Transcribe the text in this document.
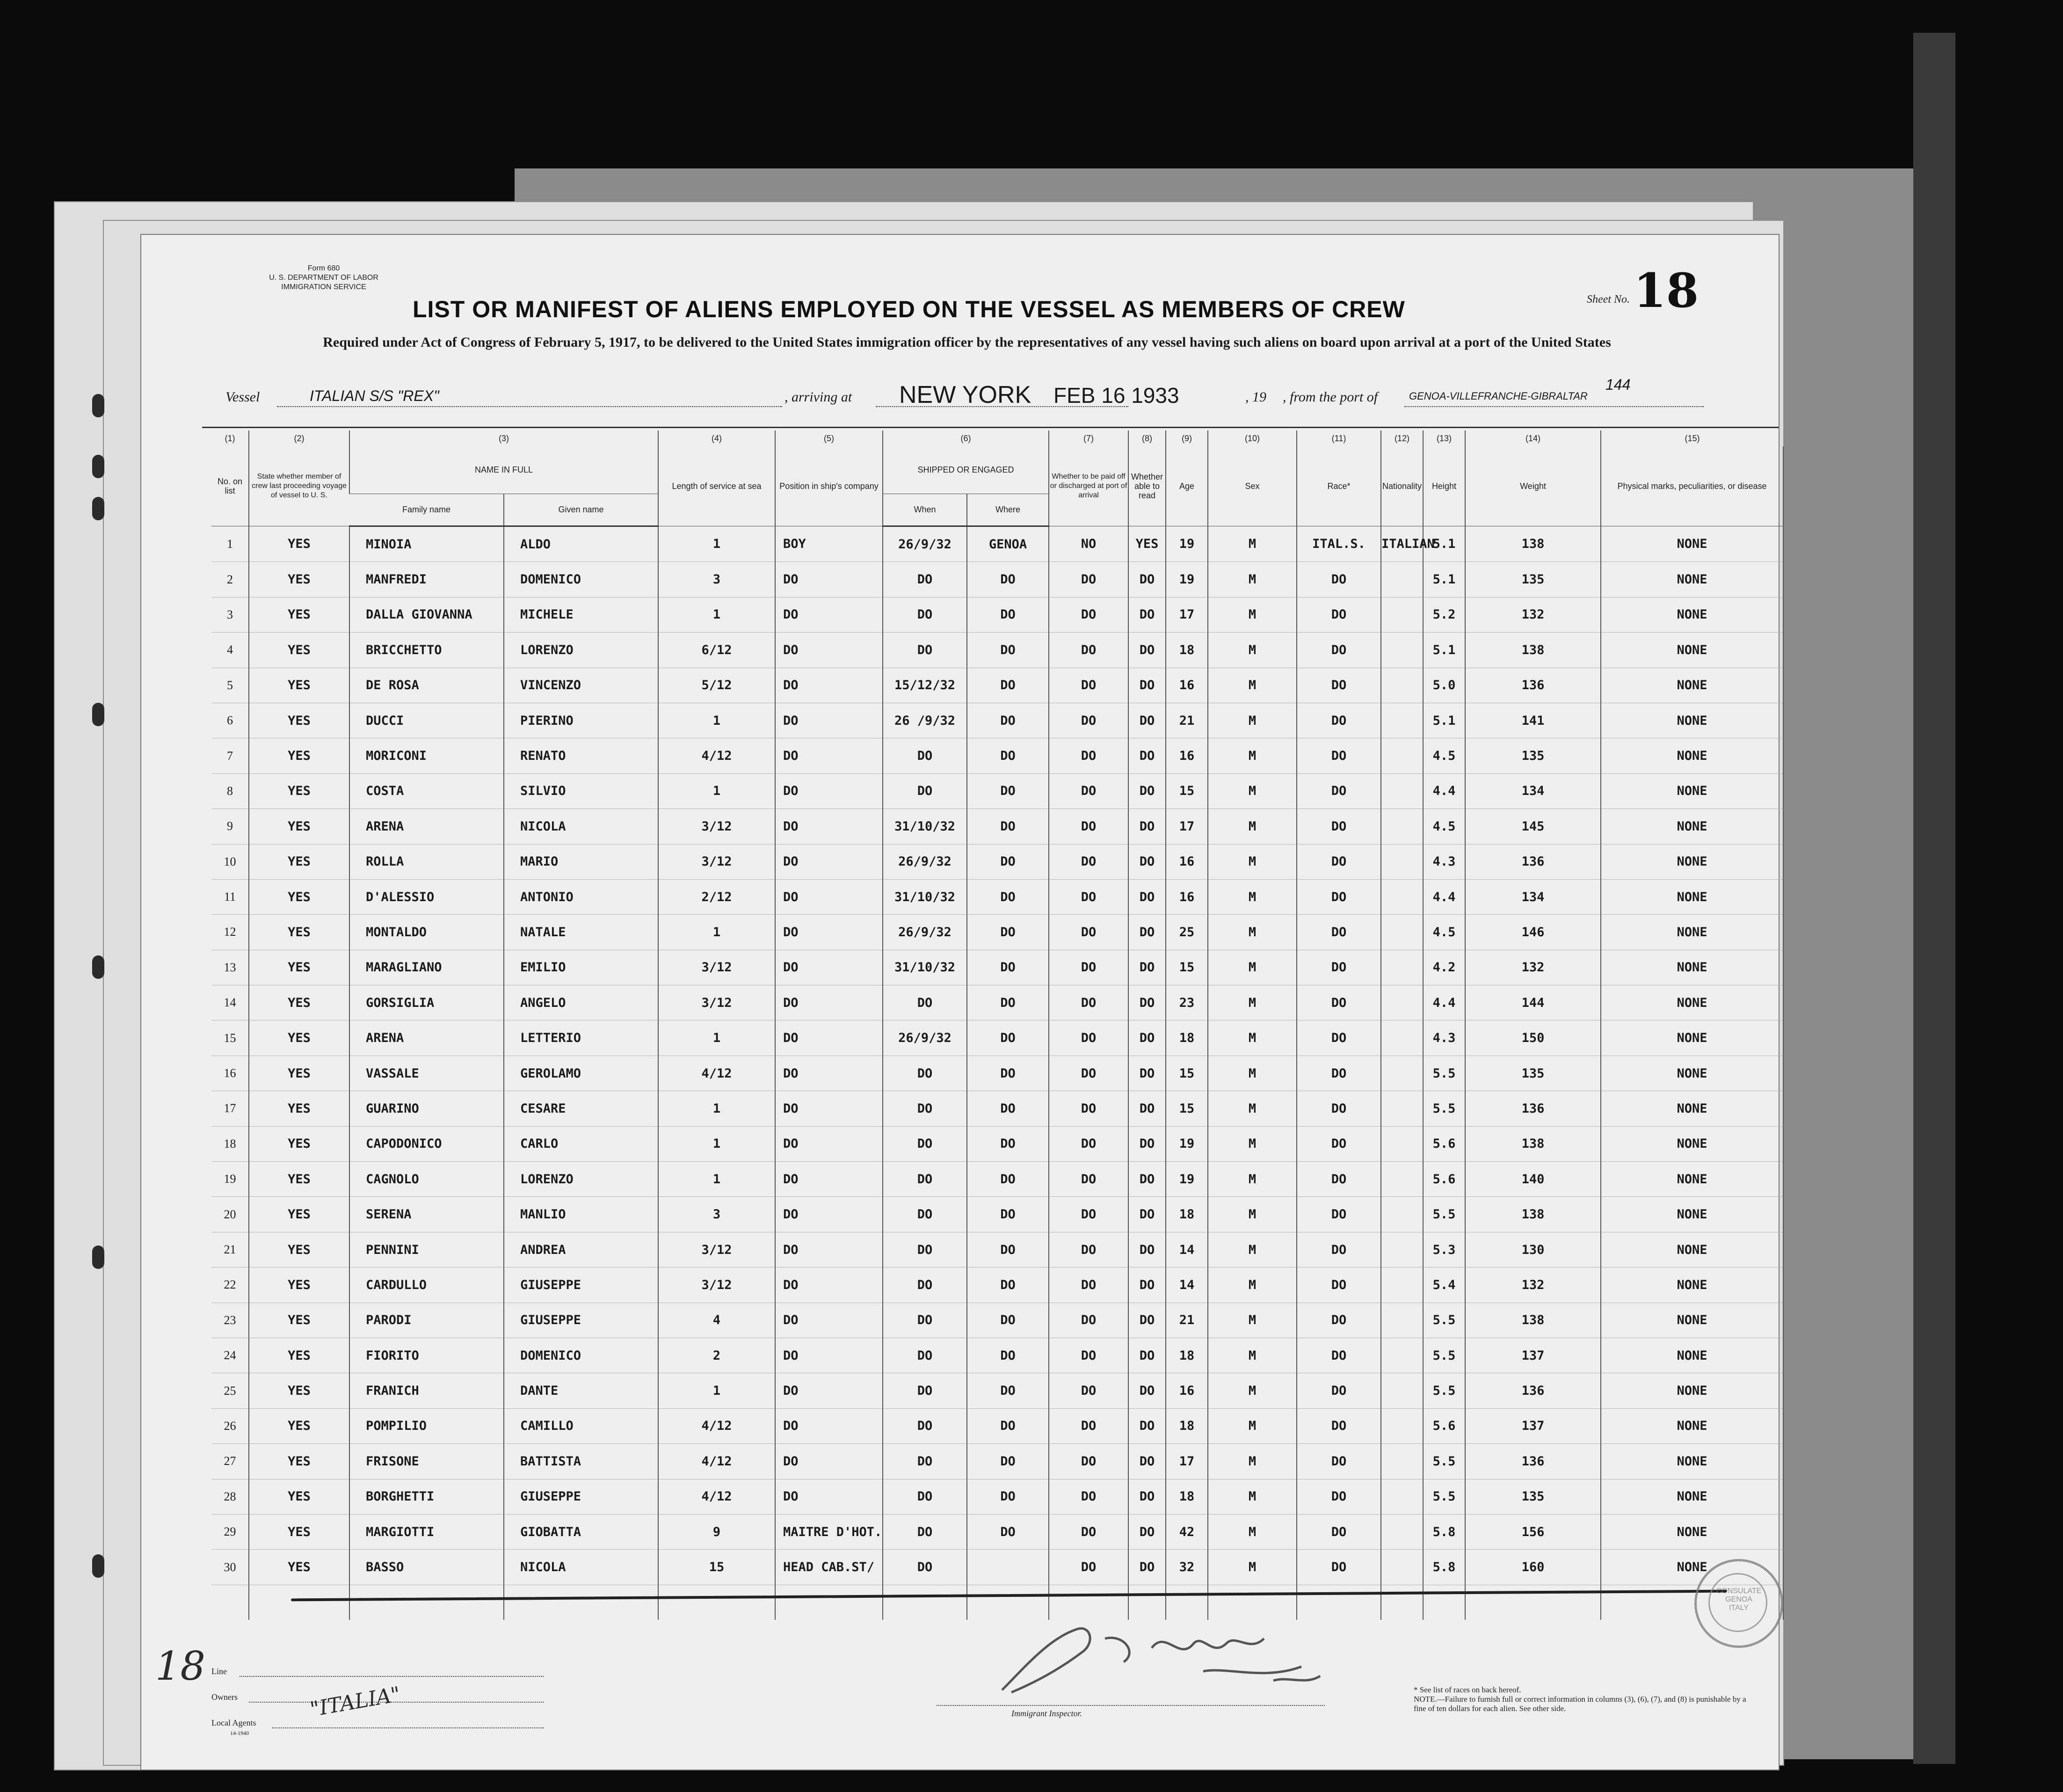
Form 680
U. S. DEPARTMENT OF LABOR
IMMIGRATION SERVICE
LIST OR MANIFEST OF ALIENS EMPLOYED ON THE VESSEL AS MEMBERS OF CREW	Sheet No. 18
Required under Act of Congress of February 5, 1917, to be delivered to the United States immigration officer by the representatives of any vessel having such aliens on board upon arrival at a port of the United States
Vessel	ITALIAN S/S "REX"	, arriving at NEW YORK FEB 16 1933	, 19 , from the port of	GENOA-VILLEFRANCHE-GIBRALTAR
144
(1)	(2)	(3)		(4)	(5)	(6)		(7)	(8)	(9)	(10)	(11)	(12)	(13)	(14)	(15)	
No. on list	State whether member of crew last proceeding voyage of vessel to U. S.	NAME IN FULL		Length of service at sea	Position in ship's company	SHIPPED OR ENGAGED		Whether to be paid off or discharged at port of arrival	Whether able to read	Age	Sex	Race*	Nationality	Height	Weight	Physical marks, peculiarities, or disease	

		Family name	Given name			When	Where										
1	YES	MINOIA	ALDO	1	BOY	26/9/32	GENOA	NO	YES	19	M	ITAL.S.	ITALIAN	5.1	138	NONE	
2	YES	MANFREDI	DOMENICO	3	DO	DO	DO	DO	DO	19	M	DO		5.1	135	NONE	
3	YES	DALLA GIOVANNA	MICHELE	1	DO	DO	DO	DO	DO	17	M	DO		5.2	132	NONE	
4	YES	BRICCHETTO	LORENZO	6/12	DO	DO	DO	DO	DO	18	M	DO		5.1	138	NONE	
5	YES	DE ROSA	VINCENZO	5/12	DO	15/12/32	DO	DO	DO	16	M	DO		5.0	136	NONE	
6	YES	DUCCI	PIERINO	1	DO	26 /9/32	DO	DO	DO	21	M	DO		5.1	141	NONE	
7	YES	MORICONI	RENATO	4/12	DO	DO	DO	DO	DO	16	M	DO		4.5	135	NONE	
8	YES	COSTA	SILVIO	1	DO	DO	DO	DO	DO	15	M	DO		4.4	134	NONE	
9	YES	ARENA	NICOLA	3/12	DO	31/10/32	DO	DO	DO	17	M	DO		4.5	145	NONE	
10	YES	ROLLA	MARIO	3/12	DO	26/9/32	DO	DO	DO	16	M	DO		4.3	136	NONE	
11	YES	D'ALESSIO	ANTONIO	2/12	DO	31/10/32	DO	DO	DO	16	M	DO		4.4	134	NONE	
12	YES	MONTALDO	NATALE	1	DO	26/9/32	DO	DO	DO	25	M	DO		4.5	146	NONE	
13	YES	MARAGLIANO	EMILIO	3/12	DO	31/10/32	DO	DO	DO	15	M	DO		4.2	132	NONE	
14	YES	GORSIGLIA	ANGELO	3/12	DO	DO	DO	DO	DO	23	M	DO		4.4	144	NONE	
15	YES	ARENA	LETTERIO	1	DO	26/9/32	DO	DO	DO	18	M	DO		4.3	150	NONE	
16	YES	VASSALE	GEROLAMO	4/12	DO	DO	DO	DO	DO	15	M	DO		5.5	135	NONE	
17	YES	GUARINO	CESARE	1	DO	DO	DO	DO	DO	15	M	DO		5.5	136	NONE	
18	YES	CAPODONICO	CARLO	1	DO	DO	DO	DO	DO	19	M	DO		5.6	138	NONE	
19	YES	CAGNOLO	LORENZO	1	DO	DO	DO	DO	DO	19	M	DO		5.6	140	NONE	
20	YES	SERENA	MANLIO	3	DO	DO	DO	DO	DO	18	M	DO		5.5	138	NONE	
21	YES	PENNINI	ANDREA	3/12	DO	DO	DO	DO	DO	14	M	DO		5.3	130	NONE	
22	YES	CARDULLO	GIUSEPPE	3/12	DO	DO	DO	DO	DO	14	M	DO		5.4	132	NONE	
23	YES	PARODI	GIUSEPPE	4	DO	DO	DO	DO	DO	21	M	DO		5.5	138	NONE	
24	YES	FIORITO	DOMENICO	2	DO	DO	DO	DO	DO	18	M	DO		5.5	137	NONE	
25	YES	FRANICH	DANTE	1	DO	DO	DO	DO	DO	16	M	DO		5.5	136	NONE	
26	YES	POMPILIO	CAMILLO	4/12	DO	DO	DO	DO	DO	18	M	DO		5.6	137	NONE	
27	YES	FRISONE	BATTISTA	4/12	DO	DO	DO	DO	DO	17	M	DO		5.5	136	NONE	
28	YES	BORGHETTI	GIUSEPPE	4/12	DO	DO	DO	DO	DO	18	M	DO		5.5	135	NONE	
29	YES	MARGIOTTI	GIOBATTA	9	MAITRE D'HOT.	DO	DO	DO	DO	42	M	DO		5.8	156	NONE	
30	YES	BASSO	NICOLA	15	HEAD CAB.ST/	DO		DO	DO	32	M	DO		5.8	160	NONE	

CONSULATE GENOA ITALY
18 Line
Owners
Local Agents
14-1940
"ITALIA"	Immigrant Inspector.
* See list of races on back hereof.
NOTE.—Failure to furnish full or correct information in columns (3), (6), (7), and (8) is punishable by a fine of ten dollars for each alien. See other side.
